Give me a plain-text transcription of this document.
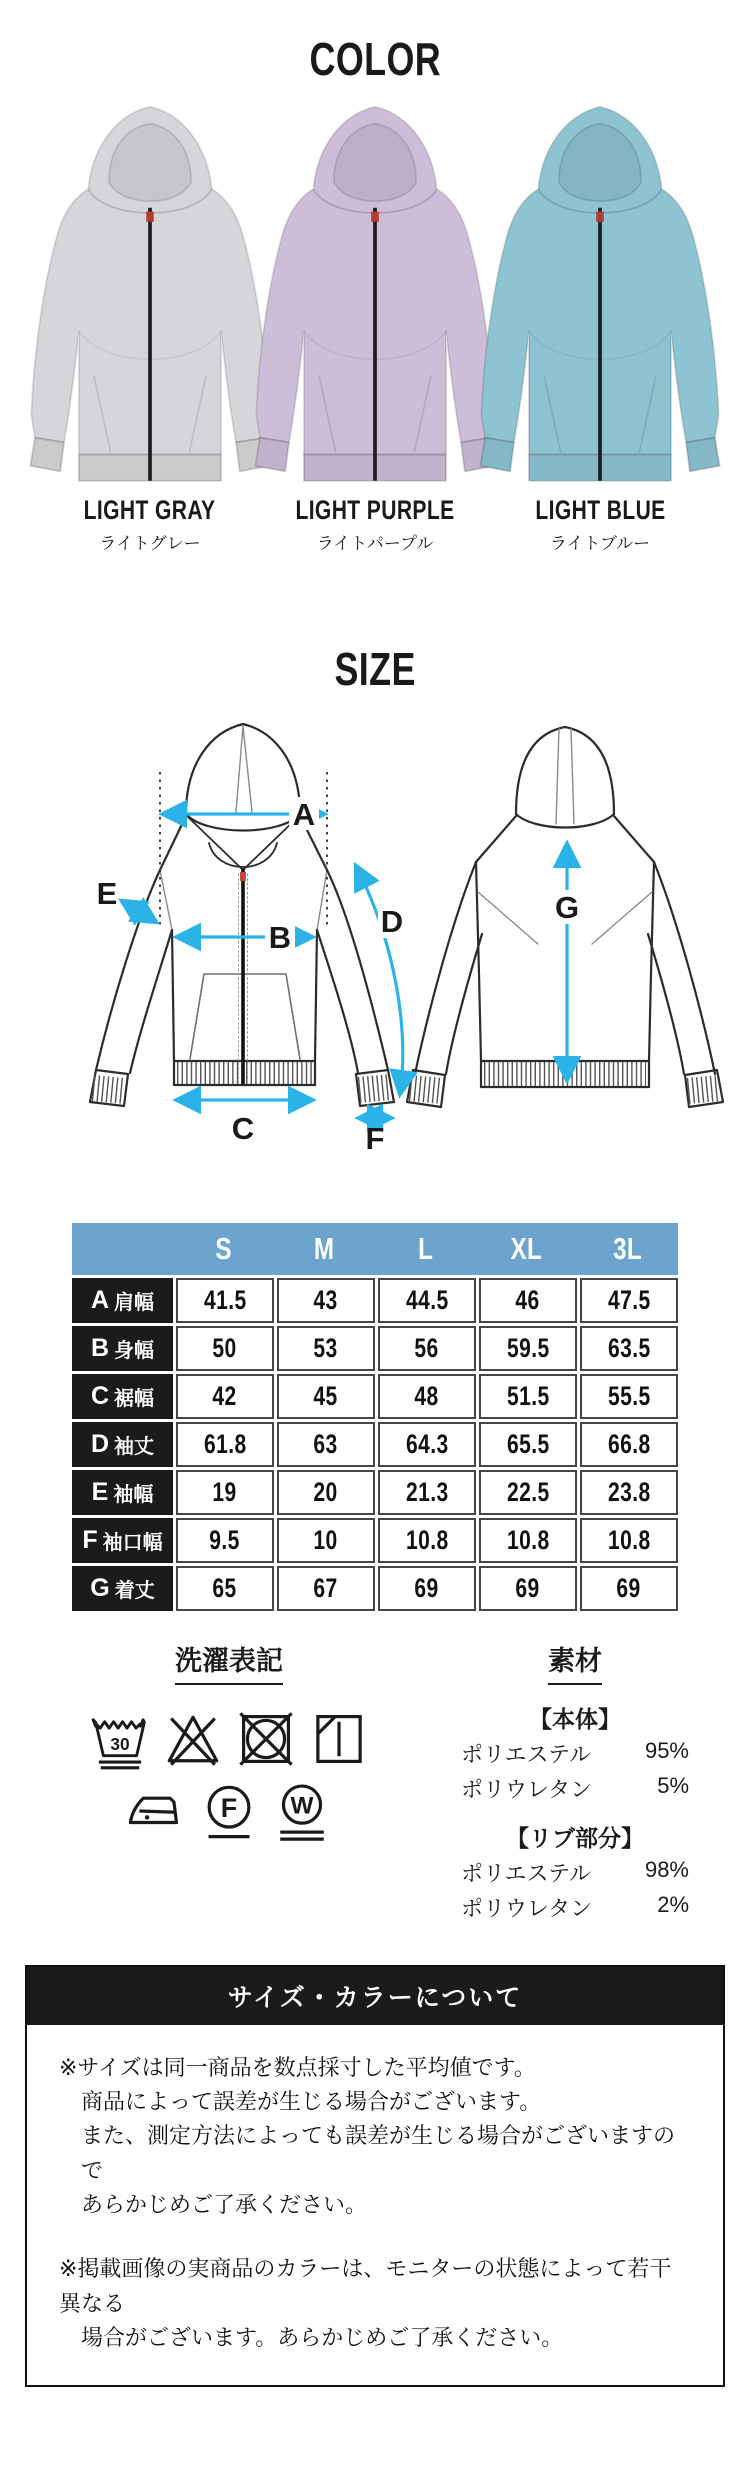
COLOR
LIGHT GRAY
ライトグレー
LIGHT PURPLE
ライトパープル
LIGHT BLUE
ライトブルー
SIZE
A
B
C
D
E
F
G
S	M	L	XL 3L
A 肩幅 41.5	43	44.5	46	47.5
B 身幅 50	53	56	59.5 63.5
C 裾幅 42	45	48	51.5 55.5
D 袖丈 61.8	63	64.3 65.5 66.8
E 袖幅 19	20	21.3 22.5 23.8
F 袖口幅 9.5	10	10.8 10.8 10.8
G 着丈 65	67	69	69	69
洗濯表記
30
F W
素材
【本体】
ポリエステル 95%
ポリウレタン	5%
【リブ部分】
ポリエステル 98%
ポリウレタン	2%
サイズ・カラーについて
※サイズは同一商品を数点採寸した平均値です。
商品によって誤差が生じる場合がございます。
また、測定方法によっても誤差が生じる場合がございますので
あらかじめご了承ください。
※掲載画像の実商品のカラーは、モニターの状態によって若干異なる
場合がございます。あらかじめご了承ください。
